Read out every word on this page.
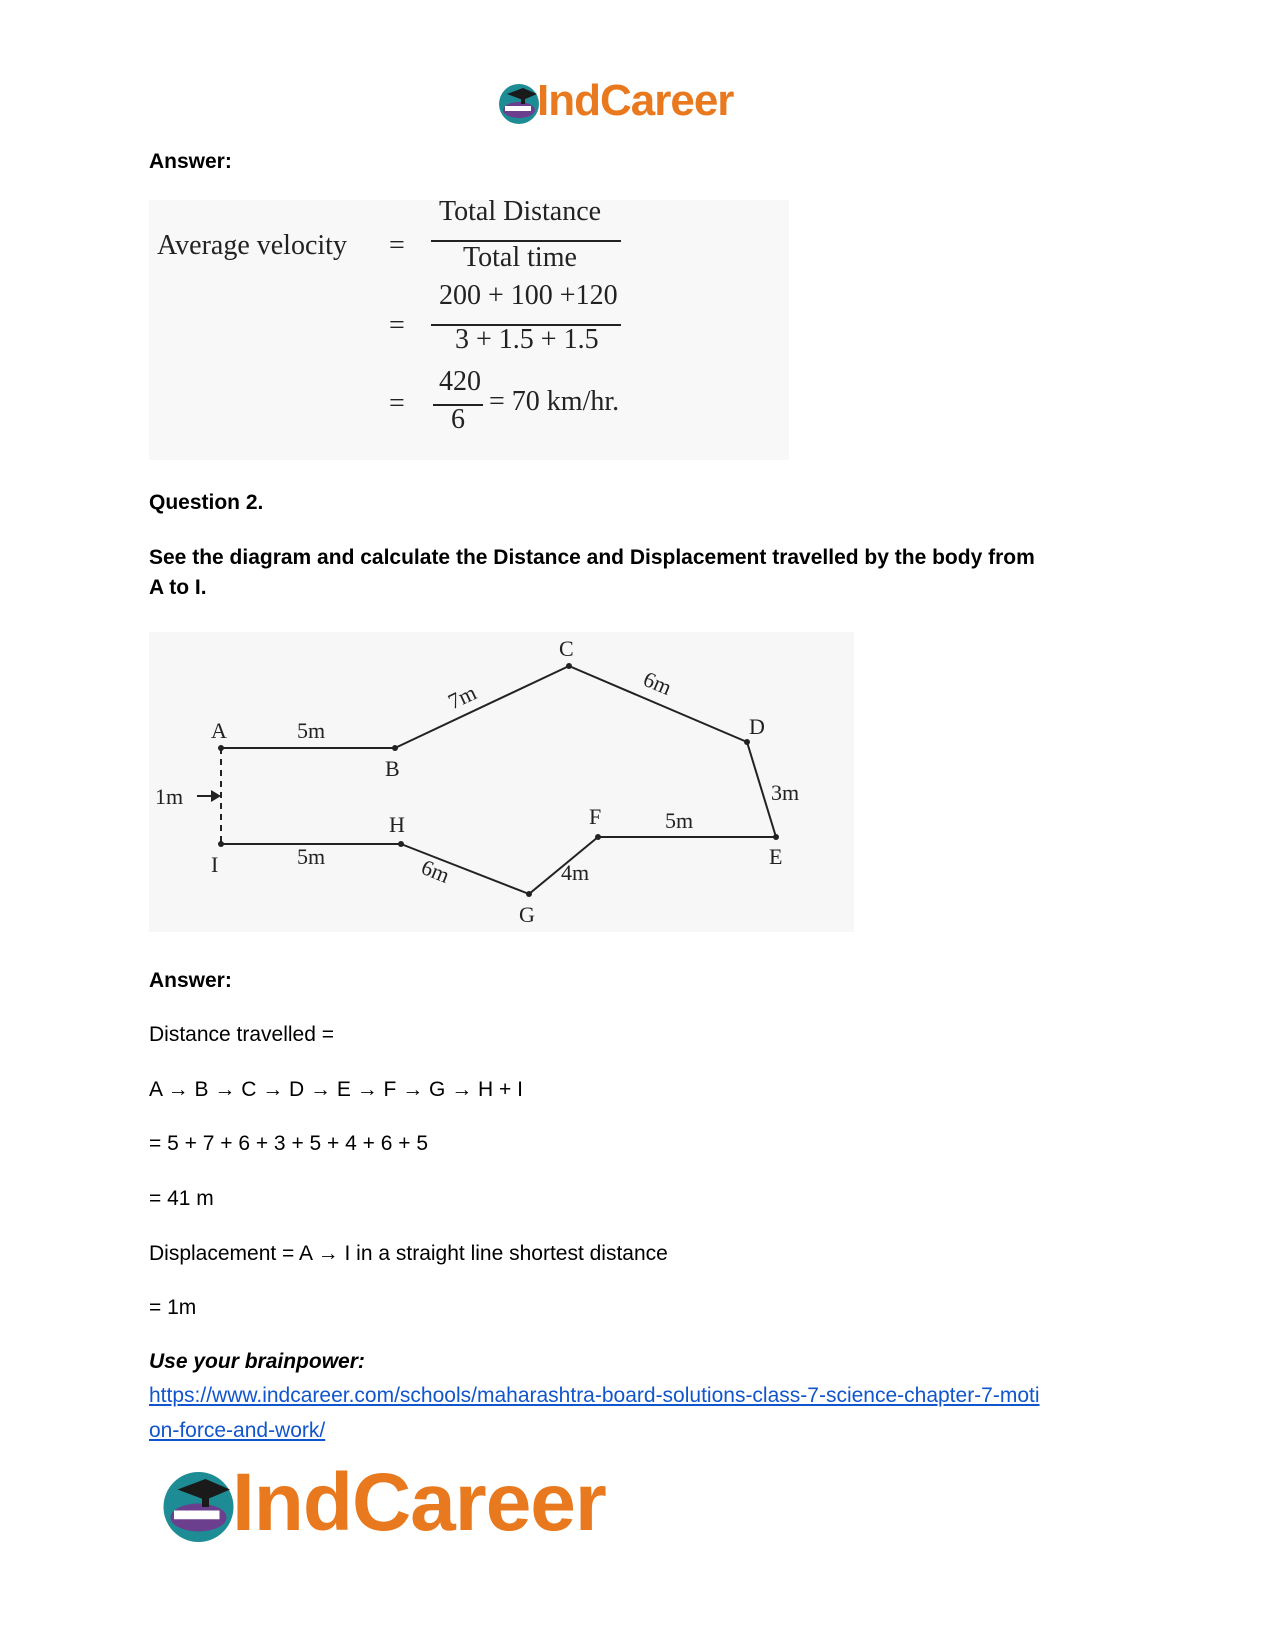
IndCareer
Answer:
Average velocity =
Total Distance
Total time
=
200 + 100 +120
3 + 1.5 + 1.5
=
420
6
= 70 km/hr.
Question 2.
See the diagram and calculate the Distance and Displacement travelled by the body from
A to I.
A
B
C
D
E
F
G
H
I
5m
7m	6m
3m
5m
4m
6m
5m
1m
Answer:
Distance travelled =
A → B → C → D → E → F → G → H + I
= 5 + 7 + 6 + 3 + 5 + 4 + 6 + 5
= 41 m
Displacement = A → I in a straight line shortest distance
= 1m
Use your brainpower:
https://www.indcareer.com/schools/maharashtra-board-solutions-class-7-science-chapter-7-moti
on-force-and-work/
IndCareer
